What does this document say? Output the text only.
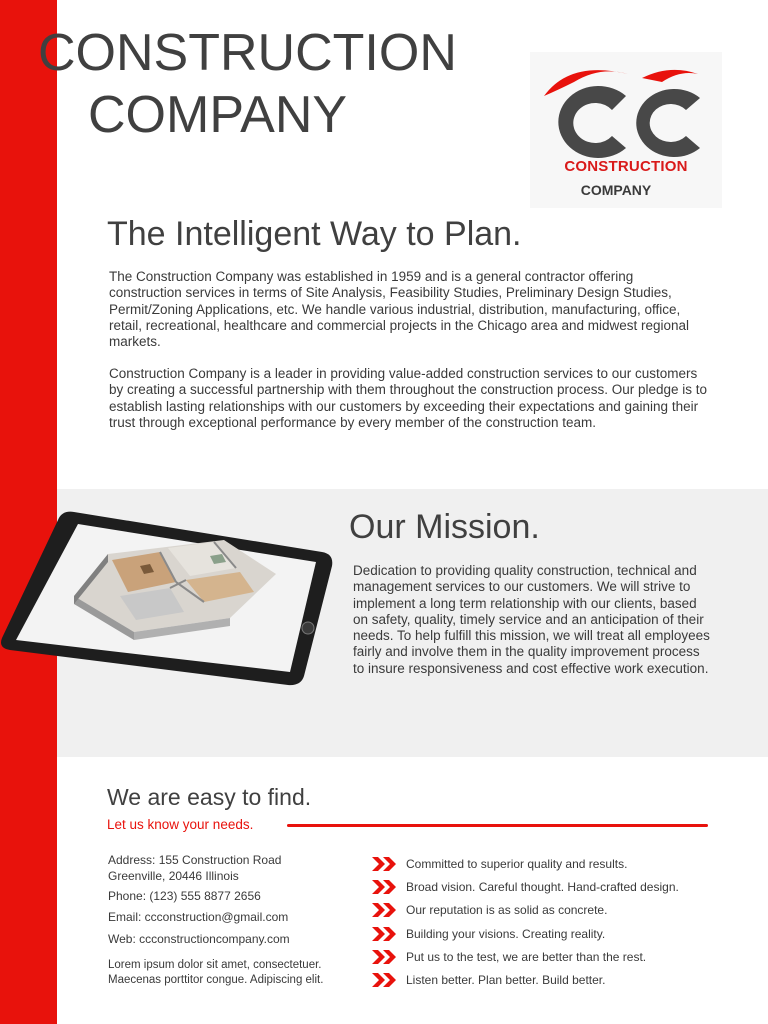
CONSTRUCTION
COMPANY
CONSTRUCTION
COMPANY
The Intelligent Way to Plan.

The Construction Company was established in 1959 and is a general contractor offering construction services in terms of Site Analysis, Feasibility Studies, Preliminary Design Studies, Permit/Zoning Applications, etc. We handle various industrial, distribution, manufacturing, office, retail, recreational, healthcare and commercial projects in the Chicago area and midwest regional markets.

Construction Company is a leader in providing value-added construction services to our customers by creating a successful partnership with them throughout the construction process. Our pledge is to establish lasting relationships with our customers by exceeding their expectations and gaining their trust through exceptional performance by every member of the construction team.

Our Mission.

Dedication to providing quality construction, technical and management services to our customers. We will strive to implement a long term relationship with our clients, based on safety, quality, timely service and an anticipation of their needs. To help fulfill this mission, we will treat all employees fairly and involve them in the quality improvement process to insure responsiveness and cost effective work execution.

We are easy to find.
Let us know your needs.
Address: 155 Construction Road Greenville, 20446 Illinois
Phone: (123) 555 8877 2656
Email: ccconstruction@gmail.com
Web: ccconstructioncompany.com
Lorem ipsum dolor sit amet, consectetuer. Maecenas porttitor congue. Adipiscing elit.
Committed to superior quality and results.
Broad vision. Careful thought. Hand-crafted design.
Our reputation is as solid as concrete.
Building your visions. Creating reality.
Put us to the test, we are better than the rest.
Listen better. Plan better. Build better.
